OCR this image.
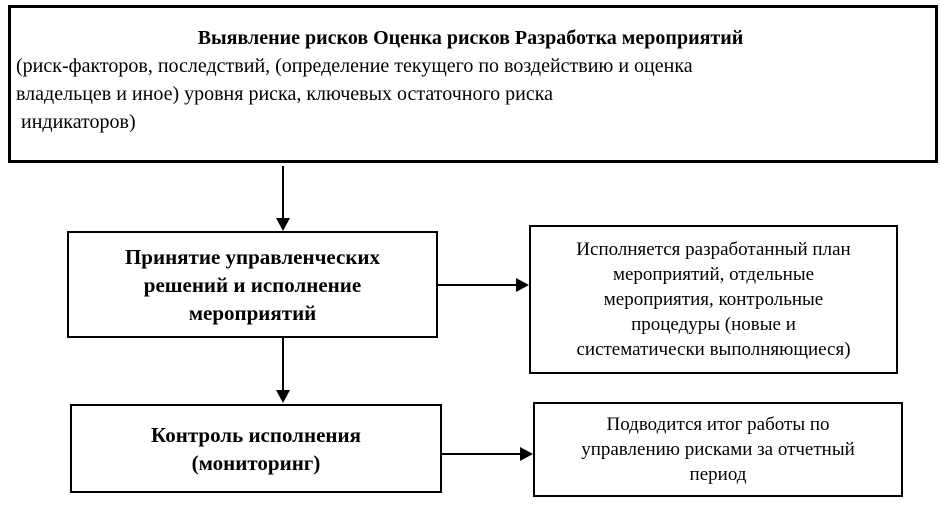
Выявление рисков Оценка рисков Разработка мероприятий
(риск-факторов, последствий, (определение текущего по воздействию и оценка
владельцев и иное) уровня риска, ключевых остаточного риска
индикаторов)
Принятие управленческих
решений и исполнение
мероприятий
Исполняется разработанный план
мероприятий, отдельные
мероприятия, контрольные
процедуры (новые и
систематически выполняющиеся)
Контроль исполнения
(мониторинг)
Подводится итог работы по
управлению рисками за отчетный
период
